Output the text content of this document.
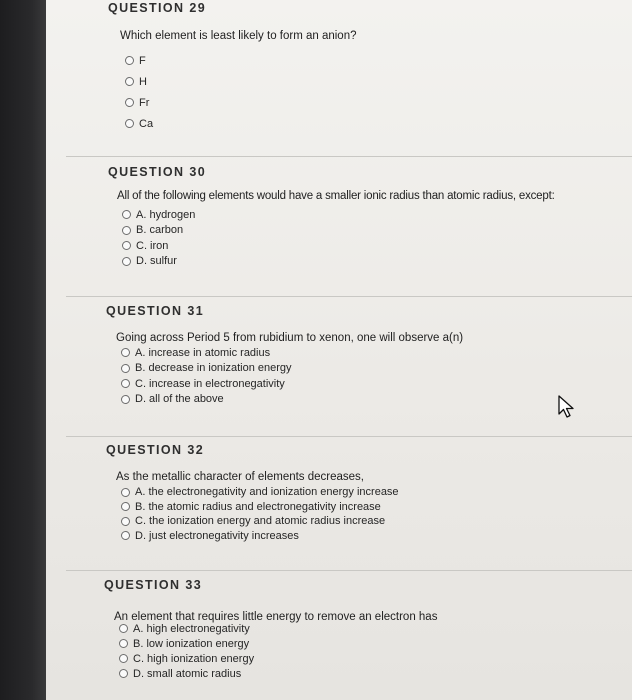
QUESTION 29
Which element is least likely to form an anion?
F
H
Fr
Ca
QUESTION 30
All of the following elements would have a smaller ionic radius than atomic radius, except:
A. hydrogen
B. carbon
C. iron
D. sulfur
QUESTION 31
Going across Period 5 from rubidium to xenon, one will observe a(n)
A. increase in atomic radius
B. decrease in ionization energy
C. increase in electronegativity
D. all of the above
QUESTION 32
As the metallic character of elements decreases,
A. the electronegativity and ionization energy increase
B. the atomic radius and electronegativity increase
C. the ionization energy and atomic radius increase
D. just electronegativity increases
QUESTION 33
An element that requires little energy to remove an electron has
A. high electronegativity
B. low ionization energy
C. high ionization energy
D. small atomic radius
